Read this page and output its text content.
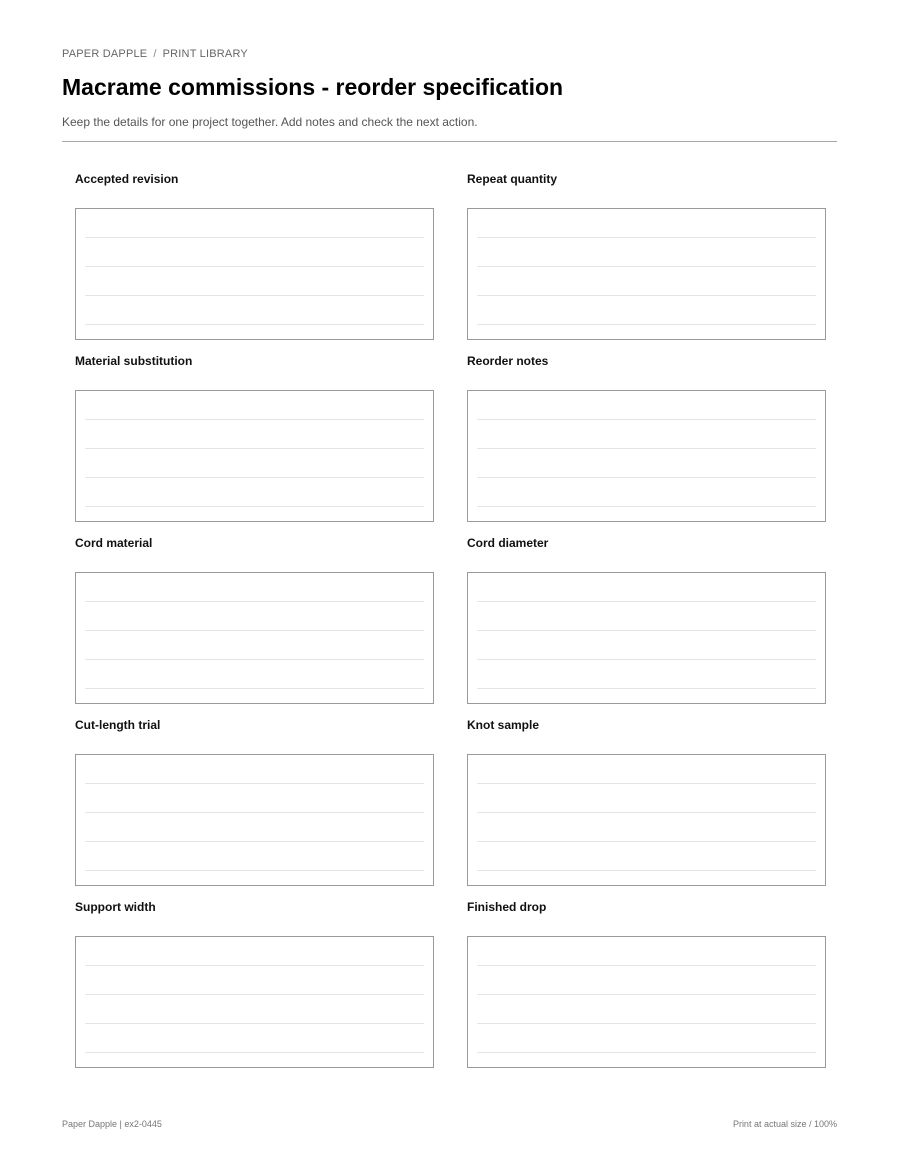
PAPER DAPPLE / PRINT LIBRARY
Macrame commissions - reorder specification

Keep the details for one project together. Add notes and check the next action.

Accepted revision	Repeat quantity
Material substitution	Reorder notes
Cord material	Cord diameter
Cut-length trial	Knot sample
Support width	Finished drop
Paper Dapple | ex2-0445	Print at actual size / 100%
